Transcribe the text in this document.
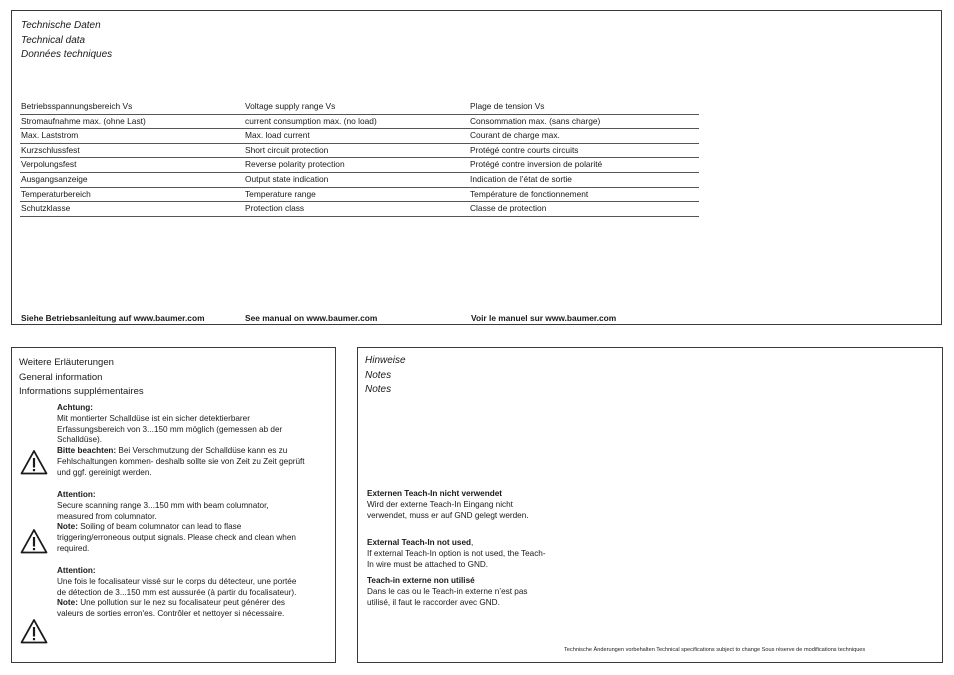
Technische Daten
Technical data
Données techniques
Betriebsspannungsbereich Vs	Voltage supply range Vs	Plage de tension Vs
Stromaufnahme max. (ohne Last)	current consumption max. (no load)	Consommation max. (sans charge)
Max. Laststrom	Max. load current	Courant de charge max.
Kurzschlussfest	Short circuit protection	Protégé contre courts circuits
Verpolungsfest	Reverse polarity protection	Protégé contre inversion de polarité
Ausgangsanzeige	Output state indication	Indication de l’état de sortie
Temperaturbereich	Temperature range	Température de fonctionnement
Schutzklasse	Protection class	Classe de protection
Siehe Betriebsanleitung auf www.baumer.com	See manual on www.baumer.com	Voir le manuel sur www.baumer.com
Weitere Erläuterungen
General information
Informations supplémentaires
Achtung:
Mit montierter Schalldüse ist ein sicher detektierbarer Erfassungsbereich von 3...150 mm möglich (gemessen ab der Schalldüse).
Bitte beachten: Bei Verschmutzung der Schalldüse kann es zu Fehlschaltungen kommen- deshalb sollte sie von Zeit zu Zeit geprüft und ggf. gereinigt werden.
Attention:
Secure scanning range 3...150 mm with beam columnator, measured from columnator.
Note: Soiling of beam columnator can lead to flase triggering/erroneous output signals. Please check and clean when required.
Attention:
Une fois le focalisateur vissé sur le corps du détecteur, une portée de détection de 3...150 mm est aussurée (à partir du focalisateur).
Note: Une pollution sur le nez su focalisateur peut générer des valeurs de sorties erron'es. Contrôler et nettoyer si nécessaire.
Hinweise
Notes
Notes
Externen Teach-In nicht verwendet
Wird der externe Teach-In Eingang nicht verwendet, muss er auf GND gelegt werden.
External Teach-In not used,
If external Teach-In option is not used, the Teach-In wire must be attached to GND.
Teach-in externe non utilisé
Dans le cas ou le Teach-in externe n’est pas utilisé, il faut le raccorder avec GND.
Technische Änderungen vorbehalten Technical specifications subject to change Sous réserve de modifications techniques
